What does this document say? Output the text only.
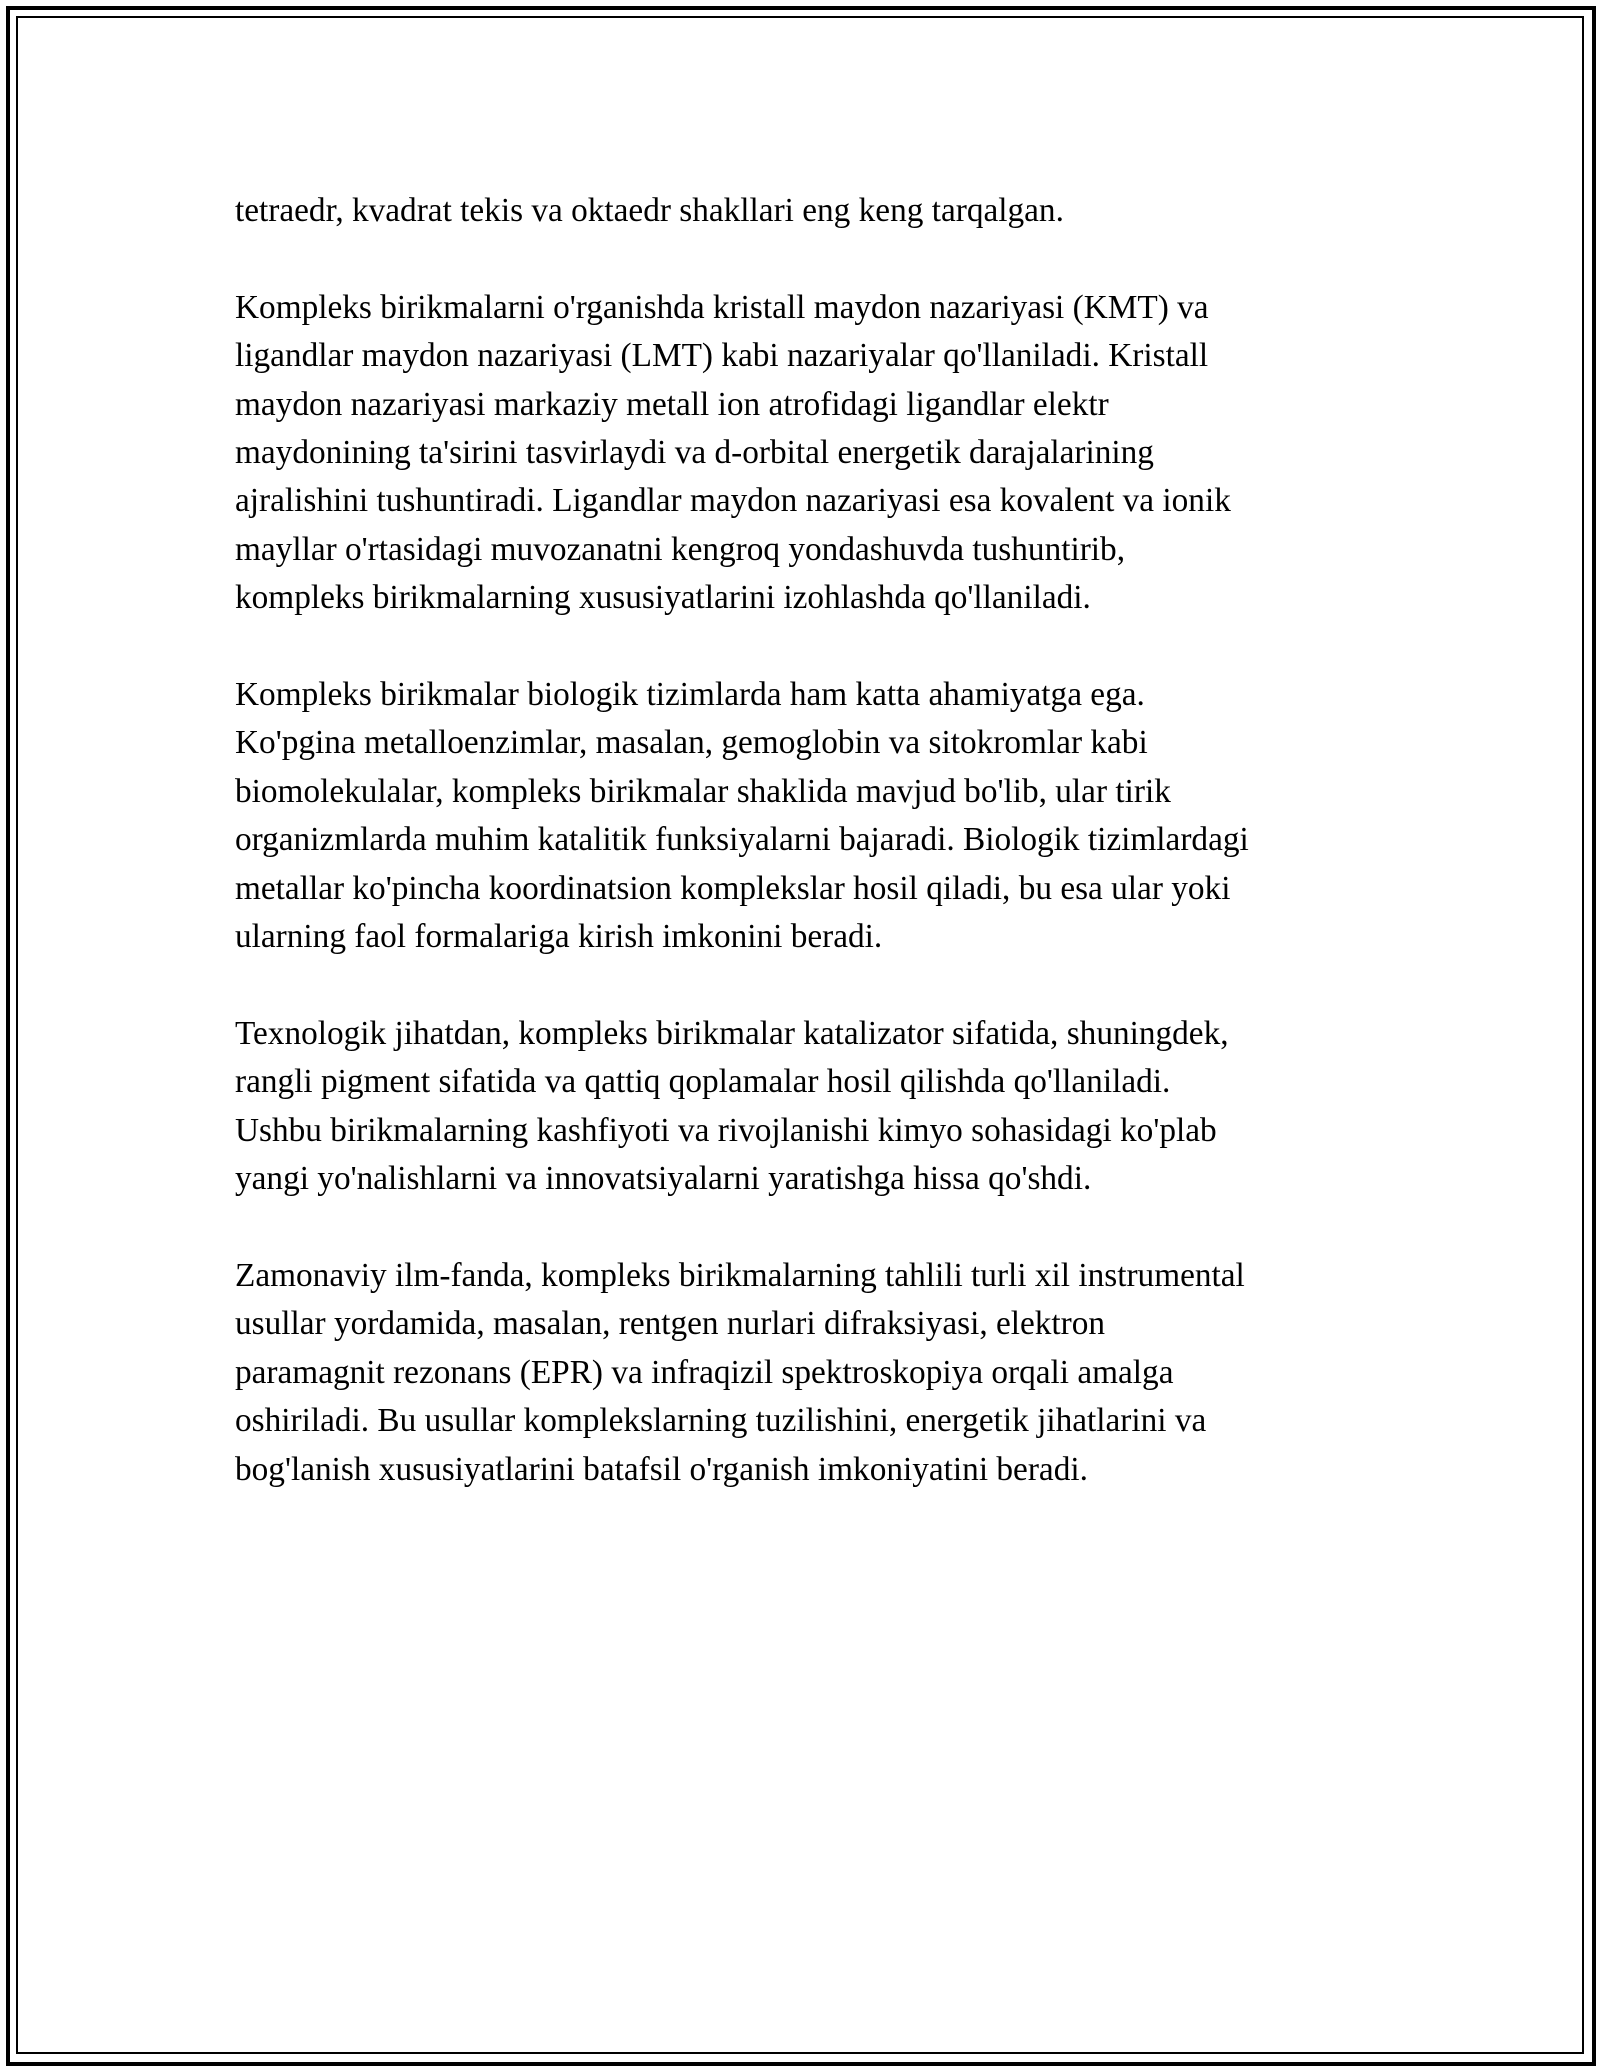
tetraedr, kvadrat tekis va oktaedr shakllari eng keng tarqalgan.

Kompleks birikmalarni o'rganishda kristall maydon nazariyasi (KMT) va
ligandlar maydon nazariyasi (LMT) kabi nazariyalar qo'llaniladi. Kristall
maydon nazariyasi markaziy metall ion atrofidagi ligandlar elektr
maydonining ta'sirini tasvirlaydi va d-orbital energetik darajalarining
ajralishini tushuntiradi. Ligandlar maydon nazariyasi esa kovalent va ionik
mayllar o'rtasidagi muvozanatni kengroq yondashuvda tushuntirib,
kompleks birikmalarning xususiyatlarini izohlashda qo'llaniladi.

Kompleks birikmalar biologik tizimlarda ham katta ahamiyatga ega.
Ko'pgina metalloenzimlar, masalan, gemoglobin va sitokromlar kabi
biomolekulalar, kompleks birikmalar shaklida mavjud bo'lib, ular tirik
organizmlarda muhim katalitik funksiyalarni bajaradi. Biologik tizimlardagi
metallar ko'pincha koordinatsion komplekslar hosil qiladi, bu esa ular yoki
ularning faol formalariga kirish imkonini beradi.

Texnologik jihatdan, kompleks birikmalar katalizator sifatida, shuningdek,
rangli pigment sifatida va qattiq qoplamalar hosil qilishda qo'llaniladi.
Ushbu birikmalarning kashfiyoti va rivojlanishi kimyo sohasidagi ko'plab
yangi yo'nalishlarni va innovatsiyalarni yaratishga hissa qo'shdi.

Zamonaviy ilm-fanda, kompleks birikmalarning tahlili turli xil instrumental
usullar yordamida, masalan, rentgen nurlari difraksiyasi, elektron
paramagnit rezonans (EPR) va infraqizil spektroskopiya orqali amalga
oshiriladi. Bu usullar komplekslarning tuzilishini, energetik jihatlarini va
bog'lanish xususiyatlarini batafsil o'rganish imkoniyatini beradi.
